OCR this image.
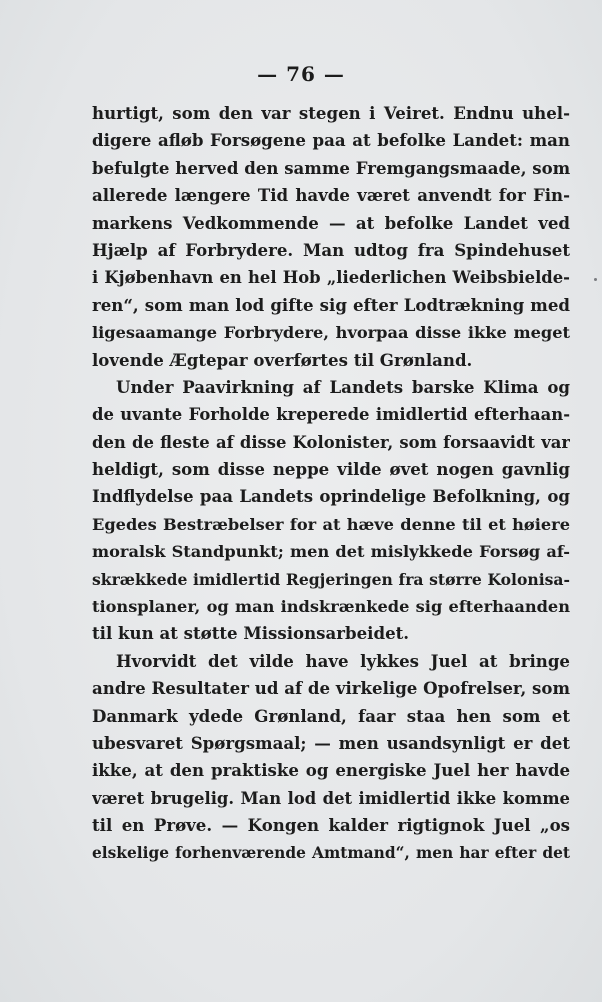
— 76 —
hurtigt, som den var stegen i Veiret. Endnu uhel-
digere afløb Forsøgene paa at befolke Landet: man
befulgte herved den samme Fremgangsmaade, som
allerede længere Tid havde været anvendt for Fin-
markens Vedkommende — at befolke Landet ved
Hjælp af Forbrydere. Man udtog fra Spindehuset
i Kjøbenhavn en hel Hob „liederlichen Weibsbielde-
ren“, som man lod gifte sig efter Lodtrækning med
ligesaamange Forbrydere, hvorpaa disse ikke meget
lovende Ægtepar overførtes til Grønland.
Under Paavirkning af Landets barske Klima og
de uvante Forholde kreperede imidlertid efterhaan-
den de fleste af disse Kolonister, som forsaavidt var
heldigt, som disse neppe vilde øvet nogen gavnlig
Indflydelse paa Landets oprindelige Befolkning, og
Egedes Bestræbelser for at hæve denne til et høiere
moralsk Standpunkt; men det mislykkede Forsøg af-
skrækkede imidlertid Regjeringen fra større Kolonisa-
tionsplaner, og man indskrænkede sig efterhaanden
til kun at støtte Missionsarbeidet.
Hvorvidt det vilde have lykkes Juel at bringe
andre Resultater ud af de virkelige Opofrelser, som
Danmark ydede Grønland, faar staa hen som et
ubesvaret Spørgsmaal; — men usandsynligt er det
ikke, at den praktiske og energiske Juel her havde
været brugelig. Man lod det imidlertid ikke komme
til en Prøve. — Kongen kalder rigtignok Juel „os
elskelige forhenværende Amtmand“, men har efter det
